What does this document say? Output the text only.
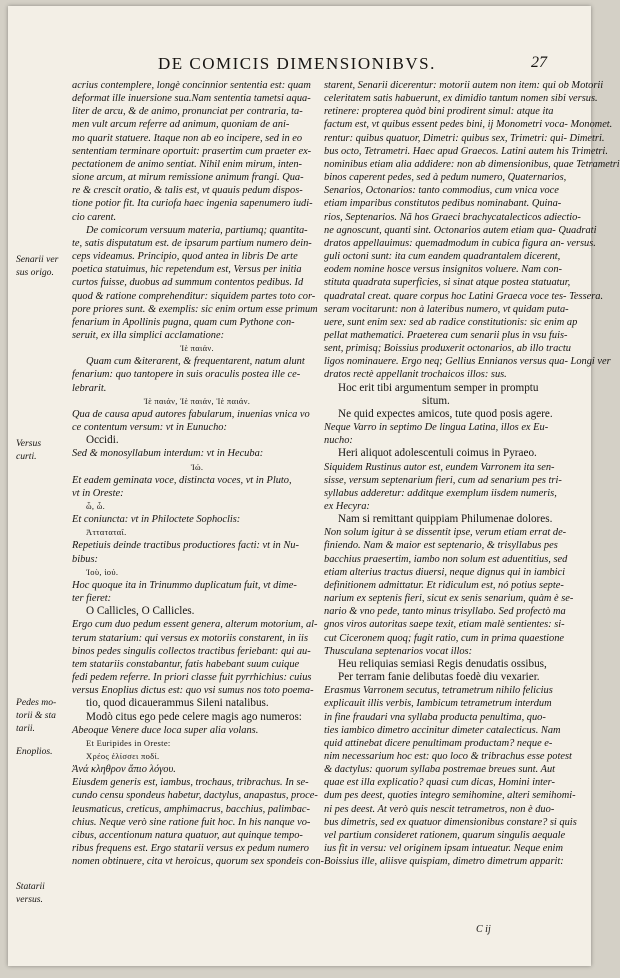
DE COMICIS DIMENSIONIBVS.	27
acrius contemplere, longè concinnior sententia est: quam
deformat ille inuersione sua.Nam sententia tametsi aqua-
liter de arcu, & de animo, pronunciat per contraria, ta-
men vult arcum referre ad animum, quoniam de ani-
mo quarit statuere. Itaque non ab eo incipere, sed in eo
sententiam terminare oportuit: prasertim cum praeter ex-
pectationem de animo sentiat. Nihil enim mirum, inten-
sione arcum, at mirum remissione animum frangi. Qua-
re & crescit oratio, & talis est, vt quauis pedum dispos-
tione potior fit. Ita curiofa haec ingenia sapenumero iudi-
cio carent.
De comicorum versuum materia, partiumq; quantita-
te, satis disputatum est. de ipsarum partium numero dein-
ceps videamus. Principio, quod antea in libris De arte
poetica statuimus, hic repetendum est, Versus per initia
curtos fuisse, duobus ad summum contentos pedibus. Id
quod & ratione comprehenditur: siquidem partes toto cor-
pore priores sunt. & exemplis: sic enim ortum esse primum
fenarium in Apollinis pugna, quam cum Pythone con-
seruit, ex illa simplici acclamatione:
Ἰὲ παιάν.
Quam cum &iterarent, & frequentarent, natum alunt
fenarium: quo tantopere in suis oraculis postea ille ce-
lebrarit.
Ἰὲ παιάν, Ἰὲ παιάν, Ἰὲ παιάν.
Qua de causa apud autores fabularum, inuenias vnica vo
ce contentum versum: vt in Eunucho:
Occidi.
Sed & monosyllabum interdum: vt in Hecuba:
Ἰώ.
Et eadem geminata voce, distincta voces, vt in Pluto,
vt in Oreste:
ὦ, ὦ.
Et coniuncta: vt in Philoctete Sophoclis:
Ἀτταταταῖ.
Repetiuis deinde tractibus productiores facti: vt in Nu-
bibus:
Ἰοὺ, ἰού.
Hoc quoque ita in Trinummo duplicatum fuit, vt dime-
ter fieret:
O Callicles, O Callicles.
Ergo cum duo pedum essent genera, alterum motorium, al-
terum statarium: qui versus ex motoriis constarent, in iis
binos pedes singulis collectos tractibus feriebant: qui au-
tem statariis constabantur, fatis habebant suum cuique
fedi pedem referre. In priori classe fuit pyrrhichius: cuius
versus Enoplius dictus est: quo vsi sumus nos toto poema-
tio, quod dicauerammus Sileni natalibus.
Modò citus ego pede celere magis ago numeros:
Abeoque Venere duce loca super alia volans.
Et Euripides in Oreste:
Χρέος ἐλίσσει ποδί.
Ἀνά κληθρον ἄπιο λόγου.
Eiusdem generis est, iambus, trochaus, tribrachus. In se-
cundo censu spondeus habetur, dactylus, anapastus, proce-
leusmaticus, creticus, amphimacrus, bacchius, palimbac-
chius. Neque verò sine ratione fuit hoc. In his nanque vo-
cibus, accentionum natura quatuor, aut quinque tempo-
ribus frequens est. Ergo statarii versus ex pedum numero
nomen obtinuere, cita vt heroicus, quorum sex spondeis con-
starent, Senarii dicerentur: motorii autem non item: qui ob Motorii
celeritatem satis habuerunt, ex dimidio tantum nomen sibi versus.
retinere: propterea quòd bini prodirent simul: atque ita
factum est, vt quibus essent pedes bini, ij Monometri voca- Monomet.
rentur: quibus quatuor, Dimetri: quibus sex, Trimetri: qui- Dimetri.
bus octo, Tetrametri. Haec apud Graecos. Latini autem his Trimetri.
nominibus etiam alia addidere: non ab dimensionibus, quae Tetrametri
binos caperent pedes, sed à pedum numero, Quaternarios,
Senarios, Octonarios: tanto commodius, cum vnica voce
etiam imparibus constitutos pedibus nominabant. Quina-
rios, Septenarios. Nã hos Graeci brachycatalecticos adiectio-
ne agnoscunt, quanti sint. Octonarios autem etiam qua- Quadrati
dratos appellauimus: quemadmodum in cubica figura an- versus.
guli octoni sunt: ita cum eandem quadrantalem dicerent,
eodem nomine hosce versus insignitos voluere. Nam con-
stituta quadrata superficies, si sinat atque postea statuatur,
quadratal creat. quare corpus hoc Latini Graeca voce tes- Tessera.
seram vocitarunt: non à lateribus numero, vt quidam puta-
uere, sunt enim sex: sed ab radice constitutionis: sic enim ap
pellat mathematici. Praeterea cum senarii plus in vsu fuis-
sent, primisq; Boissius produxerit octonarios, ab illo tractu
ligos nominauere. Ergo neq; Gellius Ennianos versus qua- Longi ver
dratos rectè appellanit trochaicos illos: sus.
Hoc erit tibi argumentum semper in promptu
situm.
Ne quid expectes amicos, tute quod posis agere.
Neque Varro in septimo De lingua Latina, illos ex Eu-
nucho:
Heri aliquot adolescentuli coimus in Pyraeo.
Siquidem Rustinus autor est, eundem Varronem ita sen-
sisse, versum septenarium fieri, cum ad senarium pes tri-
syllabus adderetur: additque exemplum iisdem numeris,
ex Hecyra:
Nam si remittant quippiam Philumenae dolores.
Non solum igitur à se dissentit ipse, verum etiam errat de-
finiendo. Nam & maior est septenario, & trisyllabus pes
bacchius praesertim, iambo non solum est aduentitius, sed
etiam alterius tractus diuersi, neque dignus qui in iambici
definitionem admittatur. Et ridiculum est, nó potius septe-
narium ex septenis fieri, sicut ex senis senarium, quàm è se-
nario & vno pede, tanto minus trisyllabo. Sed profectò ma
gnos viros autoritas saepe texit, etiam malè sentientes: si-
cut Ciceronem quoq; fugit ratio, cum in prima quaestione
Thusculana septenarios vocat illos:
Heu reliquias semiasi Regis denudatis ossibus,
Per terram fanie delibutas foedè diu vexarier.
Erasmus Varronem secutus, tetrametrum nihilo felicius
explicauit illis verbis, Iambicum tetrametrum interdum
in fine fraudari vna syllaba producta penultima, quo-
ties iambico dimetro accinitur dimeter catalecticus. Nam
quid attinebat dicere penultimam productam? neque e-
nim necessarium hoc est: quo loco & tribrachus esse potest
& dactylus: quorum syllaba postremae breues sunt. Aut
quae est illa explicatio? quasi cum dicas, Homini inter-
dum pes deest, quoties integro semihomine, alteri semihomi-
ni pes deest. At verò quis nescit tetrametros, non è duo-
bus dimetris, sed ex quatuor dimensionibus constare? si quis
vel partium consideret rationem, quarum singulis aequale
ius fit in versu: vel originem ipsam intueatur. Neque enim
Boissius ille, aliisve quispiam, dimetro dimetrum apparit:
Senarii ver
sus origo.
Versus
curti.
Pedes mo-
torii & sta
tarii.
Enoplios.
Statarii
versus.
C ij
